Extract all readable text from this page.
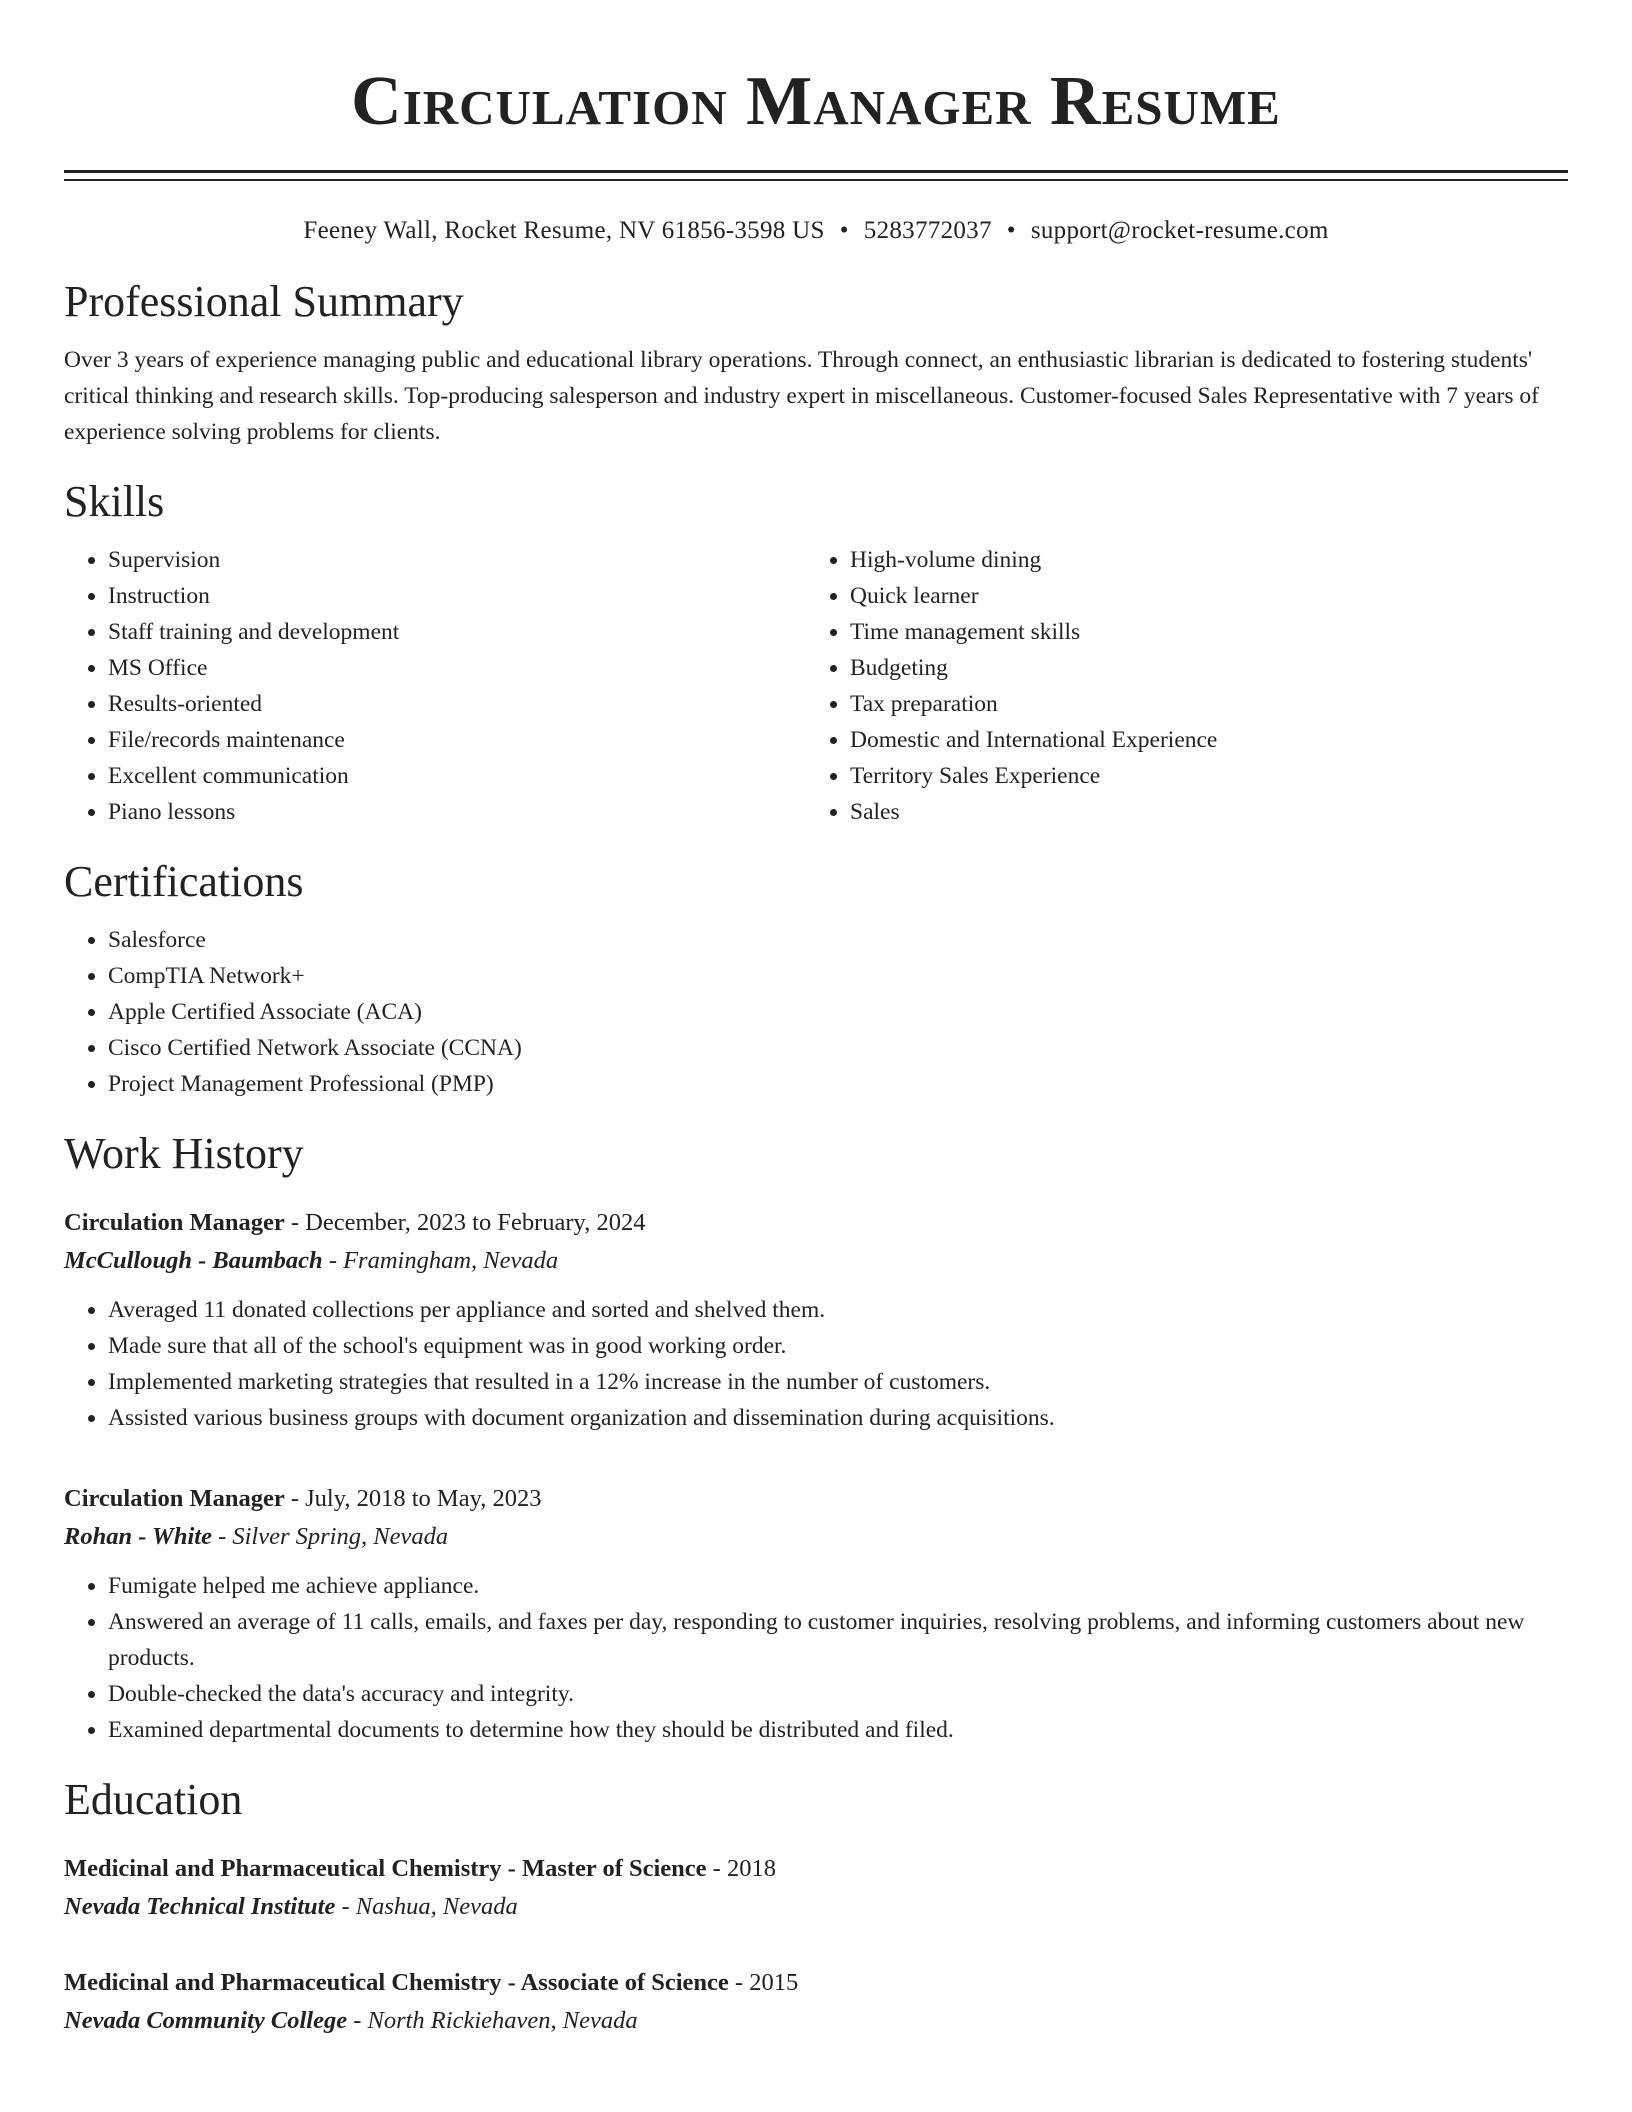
Circulation Manager Resume
Feeney Wall, Rocket Resume, NV 61856-3598 US • 5283772037 • support@rocket-resume.com
Professional Summary

Over 3 years of experience managing public and educational library operations. Through connect, an enthusiastic librarian is dedicated to fostering students' critical thinking and research skills. Top-producing salesperson and industry expert in miscellaneous. Customer-focused Sales Representative with 7 years of experience solving problems for clients.

Skills
• Supervision
• Instruction
• Staff training and development
• MS Office
• Results-oriented
• File/records maintenance
• Excellent communication
• Piano lessons
• High-volume dining
• Quick learner
• Time management skills
• Budgeting
• Tax preparation
• Domestic and International Experience
• Territory Sales Experience
• Sales
Certifications
• Salesforce
• CompTIA Network+
• Apple Certified Associate (ACA)
• Cisco Certified Network Associate (CCNA)
• Project Management Professional (PMP)
Work History
Circulation Manager - December, 2023 to February, 2024
McCullough - Baumbach - Framingham, Nevada
• Averaged 11 donated collections per appliance and sorted and shelved them.
• Made sure that all of the school's equipment was in good working order.
• Implemented marketing strategies that resulted in a 12% increase in the number of customers.
• Assisted various business groups with document organization and dissemination during acquisitions.
Circulation Manager - July, 2018 to May, 2023
Rohan - White - Silver Spring, Nevada
• Fumigate helped me achieve appliance.
• Answered an average of 11 calls, emails, and faxes per day, responding to customer inquiries, resolving problems, and informing customers about new products.
• Double-checked the data's accuracy and integrity.
• Examined departmental documents to determine how they should be distributed and filed.
Education
Medicinal and Pharmaceutical Chemistry - Master of Science - 2018
Nevada Technical Institute - Nashua, Nevada
Medicinal and Pharmaceutical Chemistry - Associate of Science - 2015
Nevada Community College - North Rickiehaven, Nevada
